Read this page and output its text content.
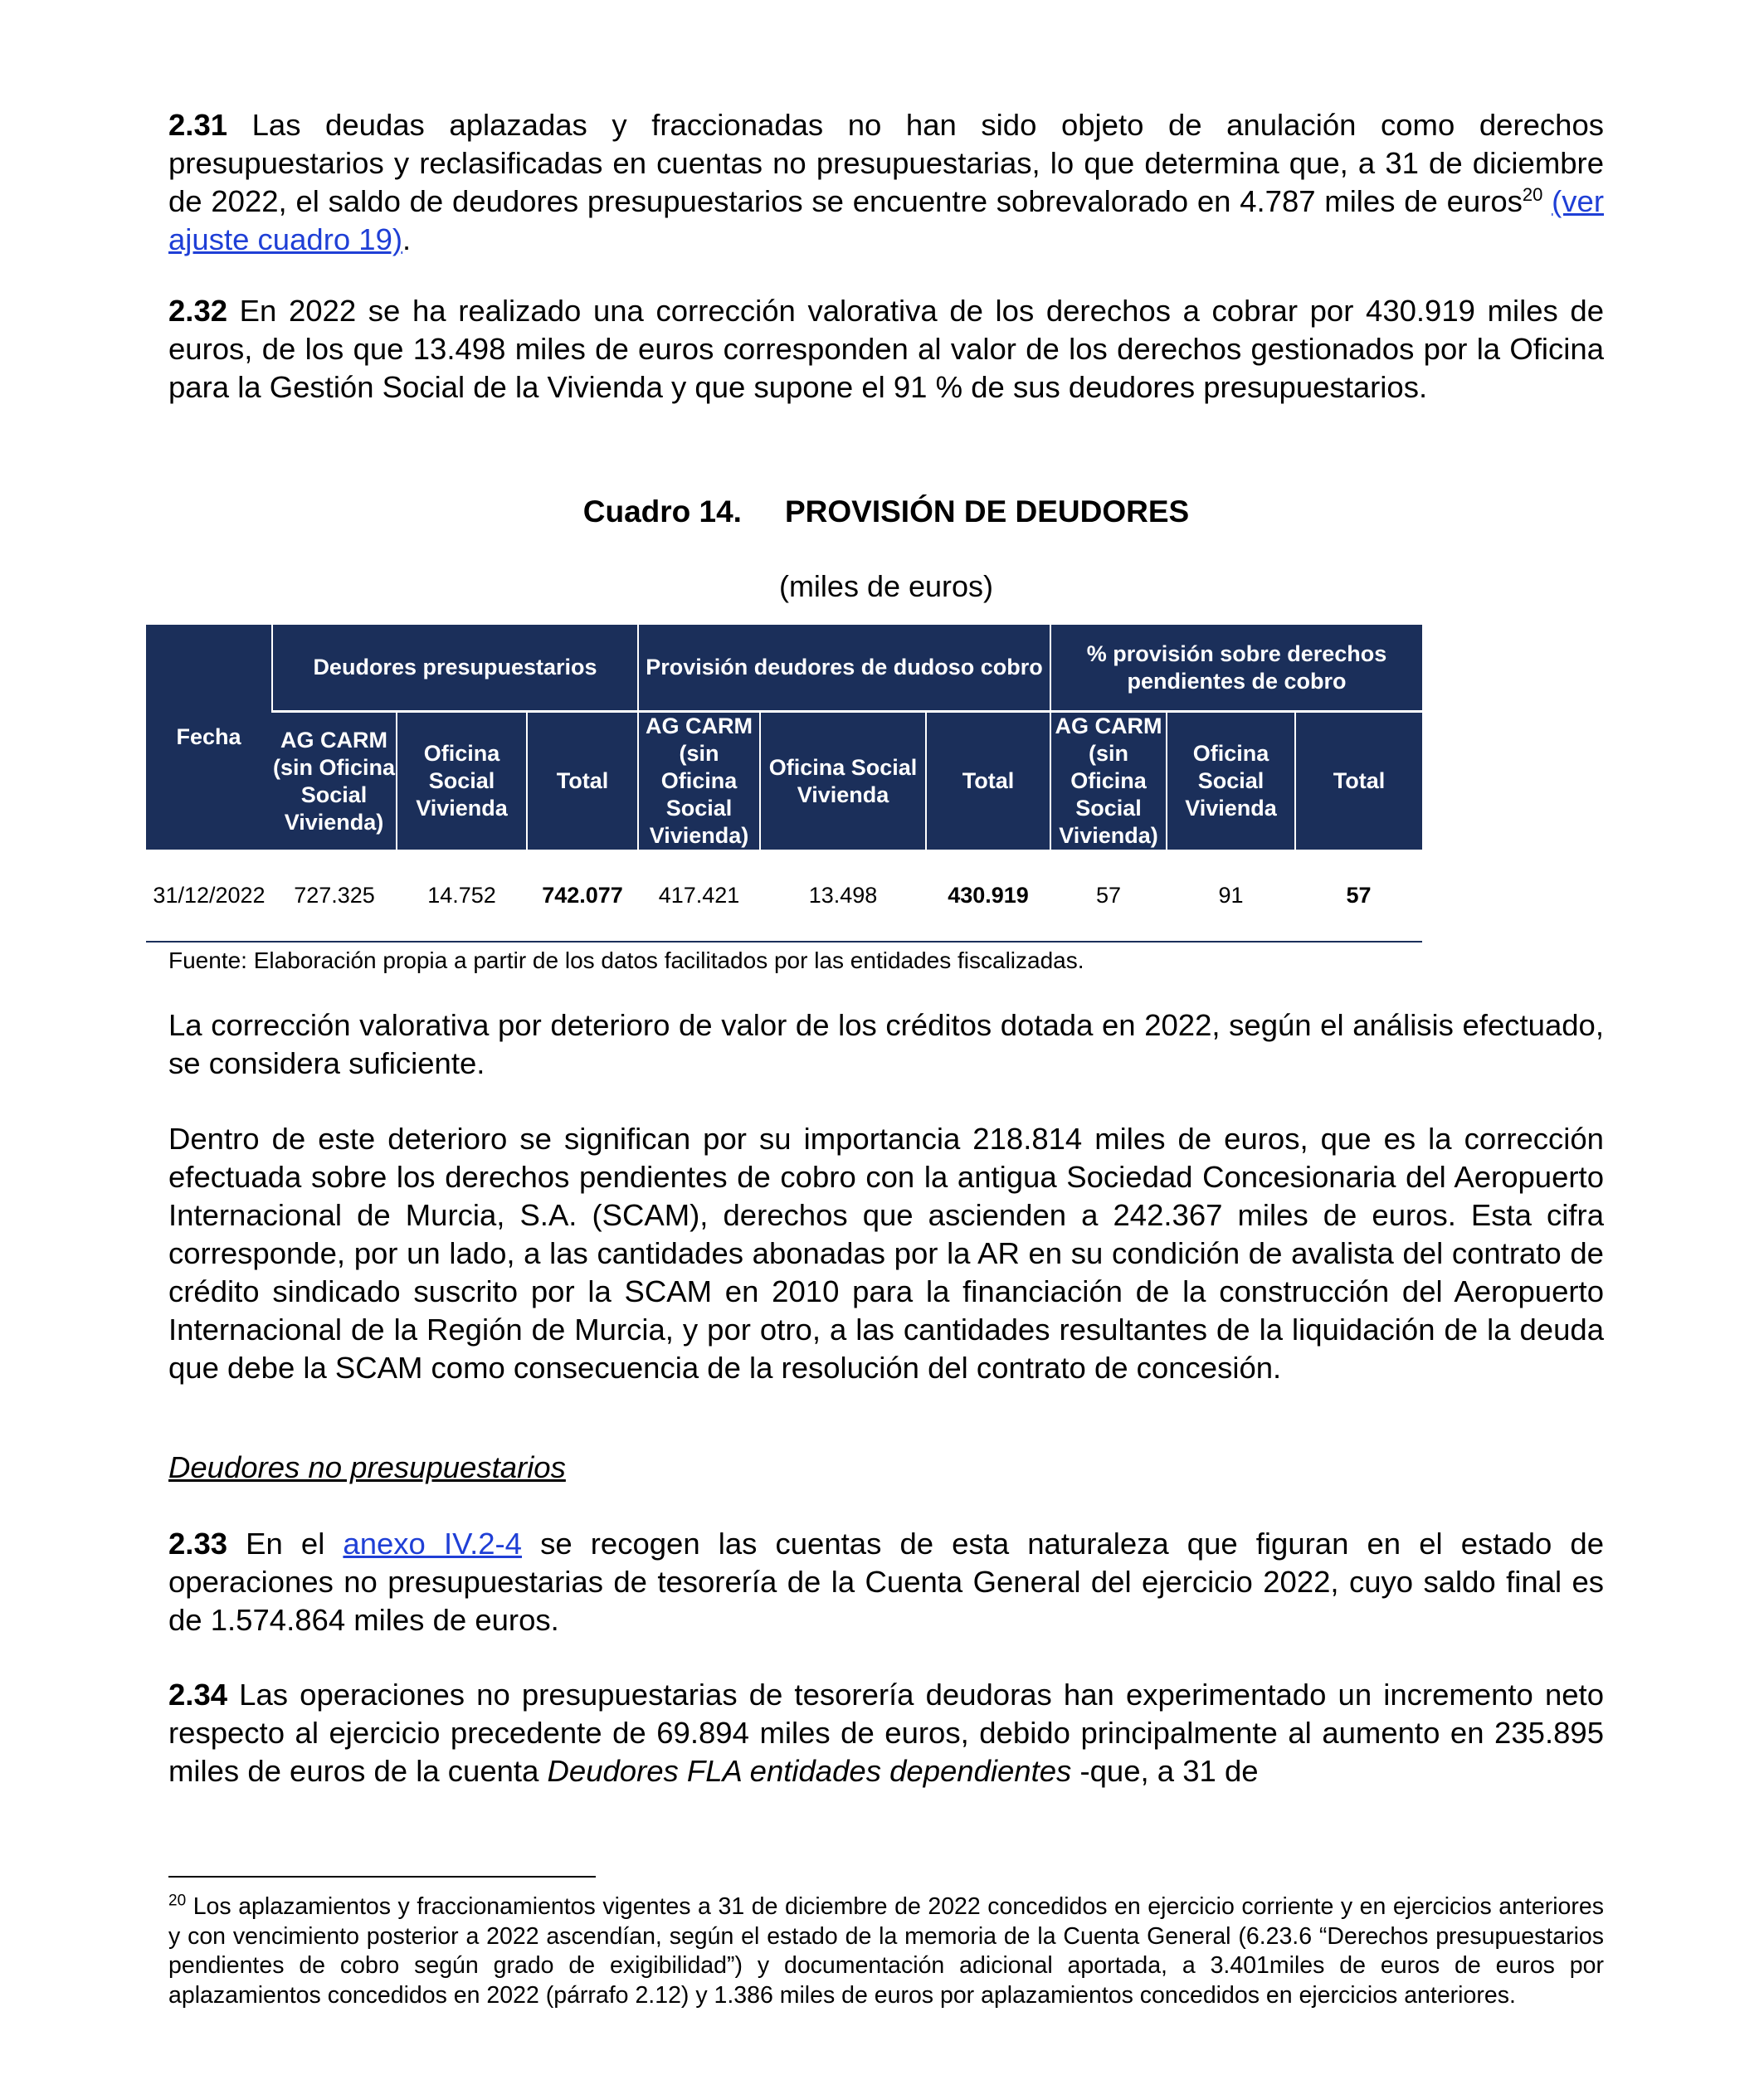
2.31 Las deudas aplazadas y fraccionadas no han sido objeto de anulación como derechos presupuestarios y reclasificadas en cuentas no presupuestarias, lo que determina que, a 31 de diciembre de 2022, el saldo de deudores presupuestarios se encuentre sobrevalorado en 4.787 miles de euros$^{20}$ (ver ajuste cuadro 19).

2.32 En 2022 se ha realizado una corrección valorativa de los derechos a cobrar por 430.919 miles de euros, de los que 13.498 miles de euros corresponden al valor de los derechos gestionados por la Oficina para la Gestión Social de la Vivienda y que supone el 91 % de sus deudores presupuestarios.

Cuadro 14. PROVISIÓN DE DEUDORES
(miles de euros)
Fecha	Deudores presupuestarios			Provisión deudores de dudoso cobro			% provisión sobre derechos pendientes de cobro			
	AG CARM (sin Oficina Social Vivienda)	Oficina Social Vivienda	Total	AG CARM (sin Oficina Social Vivienda)	Oficina Social Vivienda	Total	AG CARM (sin Oficina Social Vivienda)	Oficina Social Vivienda	Total	
31/12/2022	727.325	14.752	742.077	417.421	13.498	430.919	57	91	57	
Fuente: Elaboración propia a partir de los datos facilitados por las entidades fiscalizadas.

La corrección valorativa por deterioro de valor de los créditos dotada en 2022, según el análisis efectuado, se considera suficiente.

Dentro de este deterioro se significan por su importancia 218.814 miles de euros, que es la corrección efectuada sobre los derechos pendientes de cobro con la antigua Sociedad Concesionaria del Aeropuerto Internacional de Murcia, S.A. (SCAM), derechos que ascienden a 242.367 miles de euros. Esta cifra corresponde, por un lado, a las cantidades abonadas por la AR en su condición de avalista del contrato de crédito sindicado suscrito por la SCAM en 2010 para la financiación de la construcción del Aeropuerto Internacional de la Región de Murcia, y por otro, a las cantidades resultantes de la liquidación de la deuda que debe la SCAM como consecuencia de la resolución del contrato de concesión.

Deudores no presupuestarios

2.33 En el anexo IV.2-4 se recogen las cuentas de esta naturaleza que figuran en el estado de operaciones no presupuestarias de tesorería de la Cuenta General del ejercicio 2022, cuyo saldo final es de 1.574.864 miles de euros.

2.34 Las operaciones no presupuestarias de tesorería deudoras han experimentado un incremento neto respecto al ejercicio precedente de 69.894 miles de euros, debido principalmente al aumento en 235.895 miles de euros de la cuenta Deudores FLA entidades dependientes -que, a 31 de

$^{20}$ Los aplazamientos y fraccionamientos vigentes a 31 de diciembre de 2022 concedidos en ejercicio corriente y en ejercicios anteriores y con vencimiento posterior a 2022 ascendían, según el estado de la memoria de la Cuenta General (6.23.6 “Derechos presupuestarios pendientes de cobro según grado de exigibilidad”) y documentación adicional aportada, a 3.401miles de euros de euros por aplazamientos concedidos en 2022 (párrafo 2.12) y 1.386 miles de euros por aplazamientos concedidos en ejercicios anteriores.
